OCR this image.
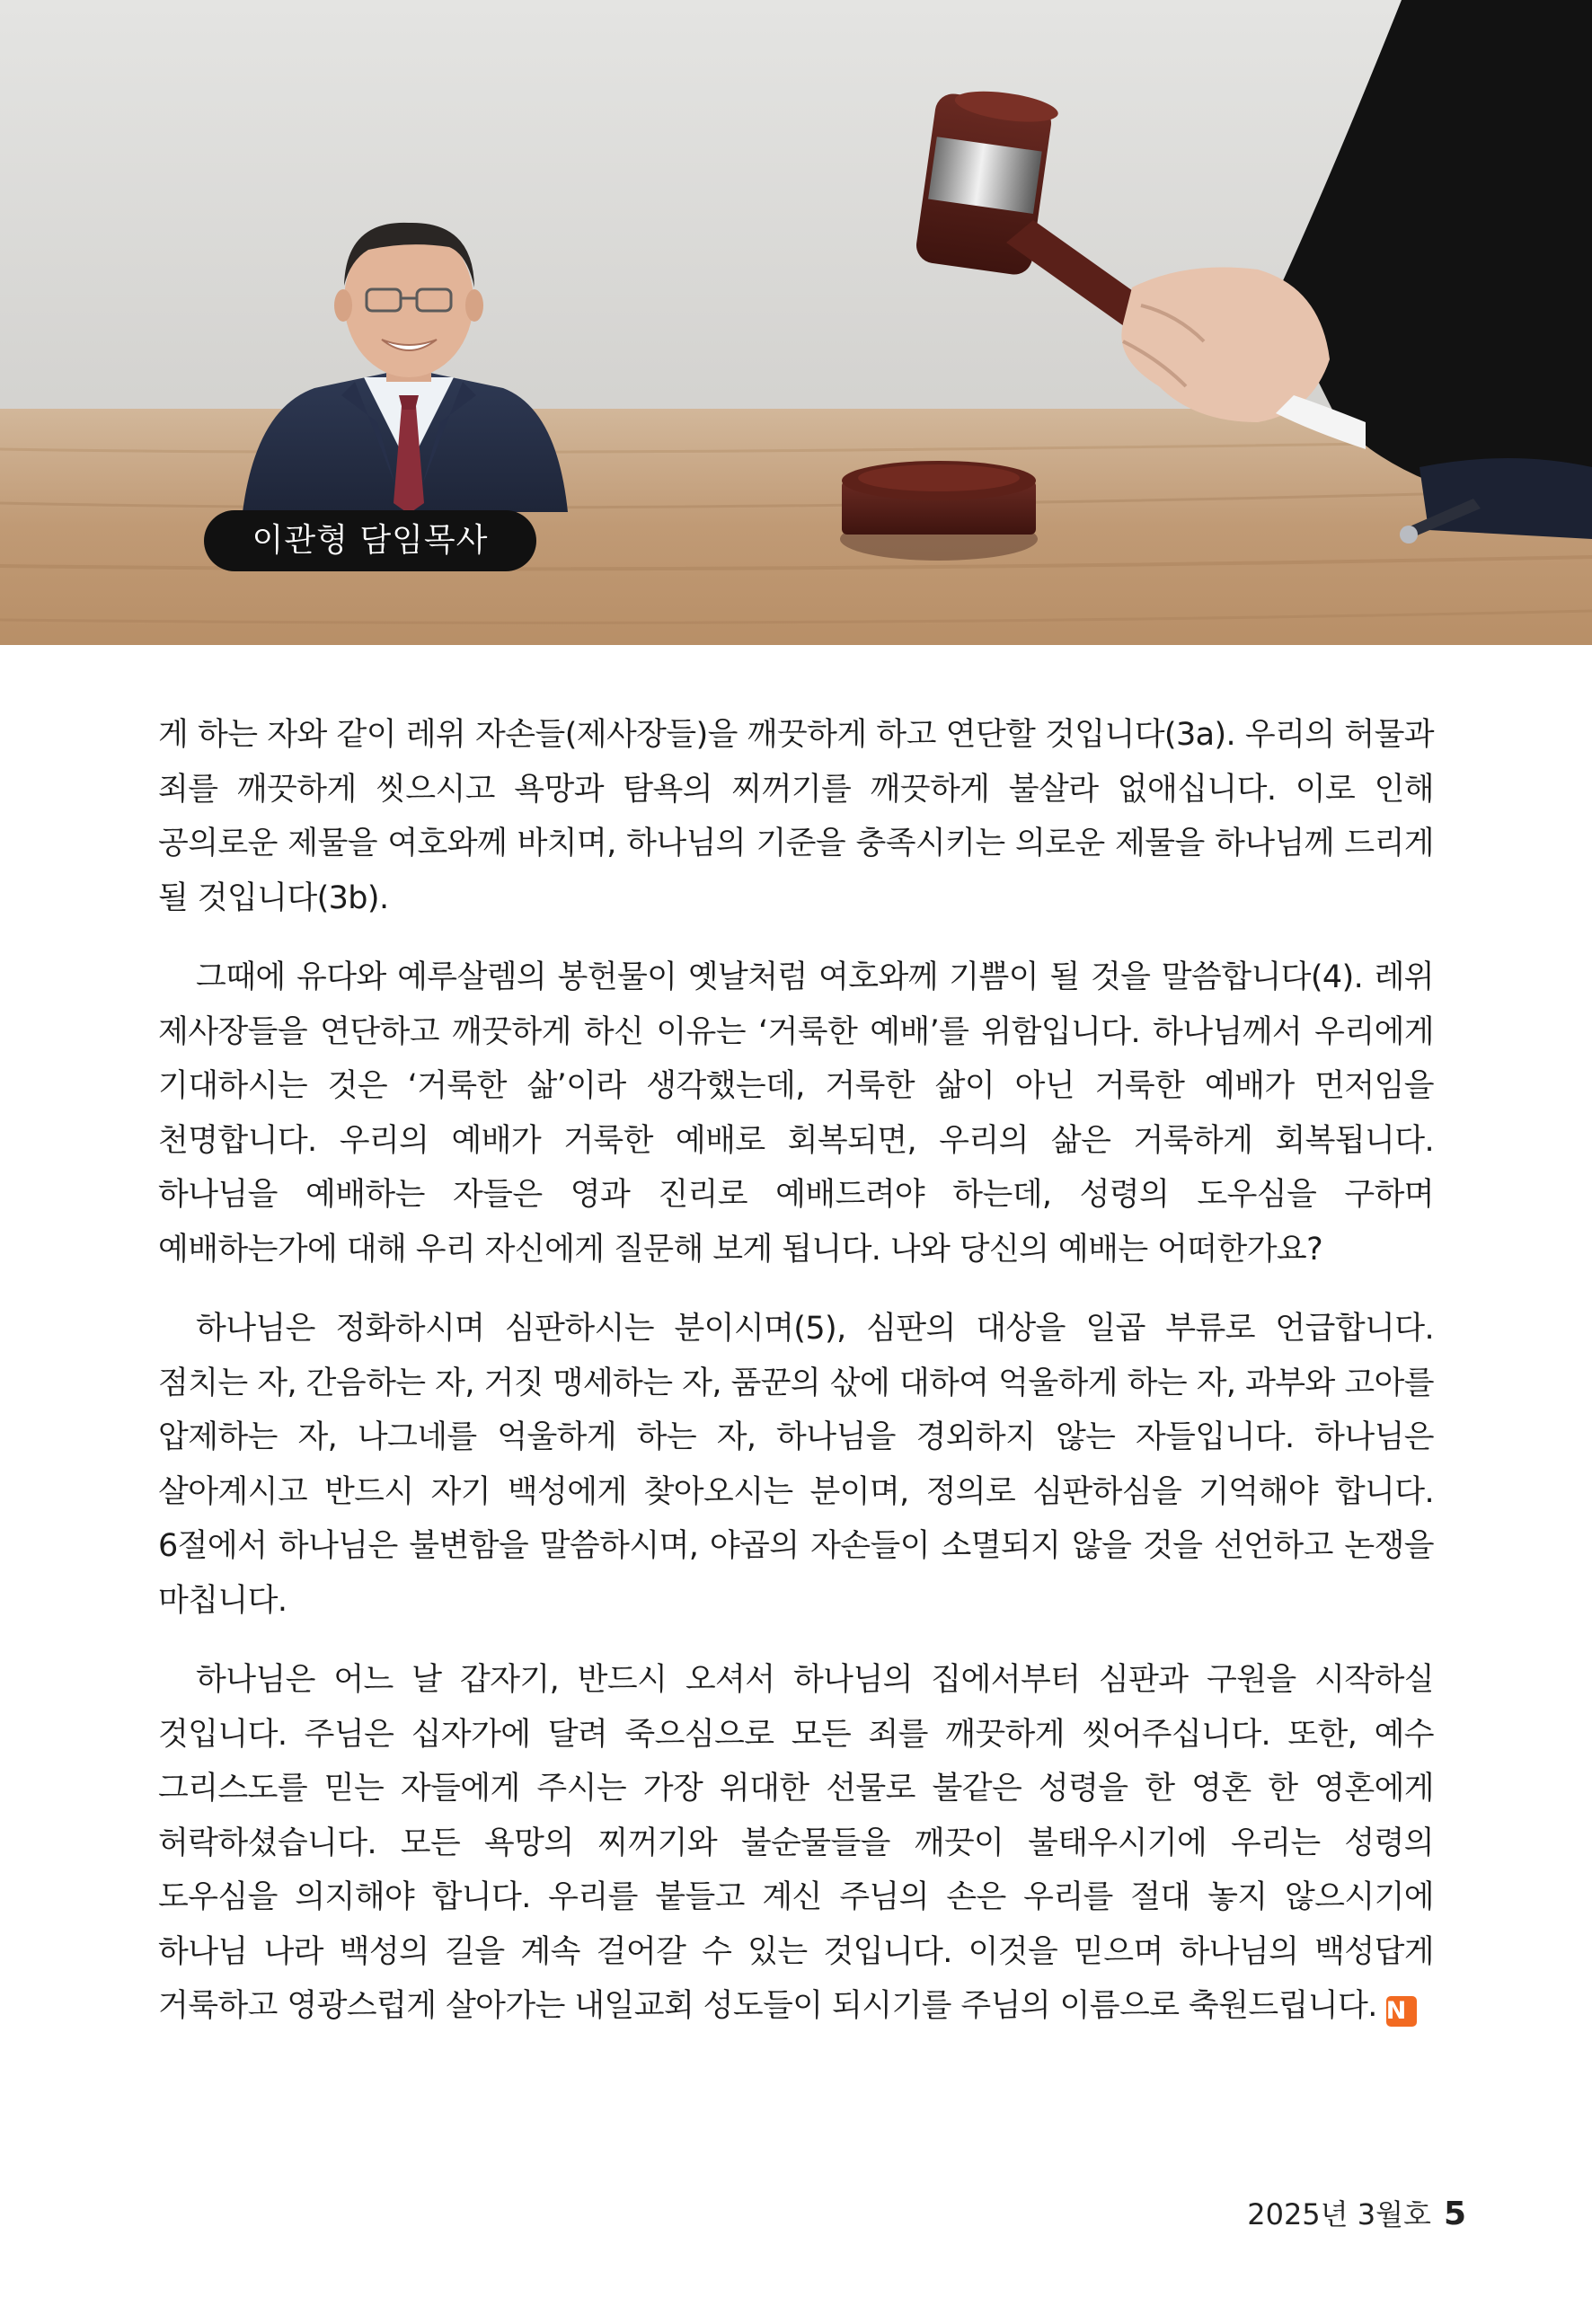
이관형 담임목사

게 하는 자와 같이 레위 자손들(제사장들)을 깨끗하게 하고 연단할 것입니다(3a). 우리의 허물과 죄를 깨끗하게 씻으시고 욕망과 탐욕의 찌꺼기를 깨끗하게 불살라 없애십니다. 이로 인해 공의로운 제물을 여호와께 바치며, 하나님의 기준을 충족시키는 의로운 제물을 하나님께 드리게 될 것입니다(3b).

그때에 유다와 예루살렘의 봉헌물이 옛날처럼 여호와께 기쁨이 될 것을 말씀합니다(4). 레위 제사장들을 연단하고 깨끗하게 하신 이유는 ‘거룩한 예배’를 위함입니다. 하나님께서 우리에게 기대하시는 것은 ‘거룩한 삶’이라 생각했는데, 거룩한 삶이 아닌 거룩한 예배가 먼저임을 천명합니다. 우리의 예배가 거룩한 예배로 회복되면, 우리의 삶은 거룩하게 회복됩니다. 하나님을 예배하는 자들은 영과 진리로 예배드려야 하는데, 성령의 도우심을 구하며 예배하는가에 대해 우리 자신에게 질문해 보게 됩니다. 나와 당신의 예배는 어떠한가요?

하나님은 정화하시며 심판하시는 분이시며(5), 심판의 대상을 일곱 부류로 언급합니다. 점치는 자, 간음하는 자, 거짓 맹세하는 자, 품꾼의 삯에 대하여 억울하게 하는 자, 과부와 고아를 압제하는 자, 나그네를 억울하게 하는 자, 하나님을 경외하지 않는 자들입니다. 하나님은 살아계시고 반드시 자기 백성에게 찾아오시는 분이며, 정의로 심판하심을 기억해야 합니다. 6절에서 하나님은 불변함을 말씀하시며, 야곱의 자손들이 소멸되지 않을 것을 선언하고 논쟁을 마칩니다.

하나님은 어느 날 갑자기, 반드시 오셔서 하나님의 집에서부터 심판과 구원을 시작하실 것입니다. 주님은 십자가에 달려 죽으심으로 모든 죄를 깨끗하게 씻어주십니다. 또한, 예수 그리스도를 믿는 자들에게 주시는 가장 위대한 선물로 불같은 성령을 한 영혼 한 영혼에게 허락하셨습니다. 모든 욕망의 찌꺼기와 불순물들을 깨끗이 불태우시기에 우리는 성령의 도우심을 의지해야 합니다. 우리를 붙들고 계신 주님의 손은 우리를 절대 놓지 않으시기에 하나님 나라 백성의 길을 계속 걸어갈 수 있는 것입니다. 이것을 믿으며 하나님의 백성답게 거룩하고 영광스럽게 살아가는 내일교회 성도들이 되시기를 주님의 이름으로 축원드립니다. N

2025년 3월호 5
